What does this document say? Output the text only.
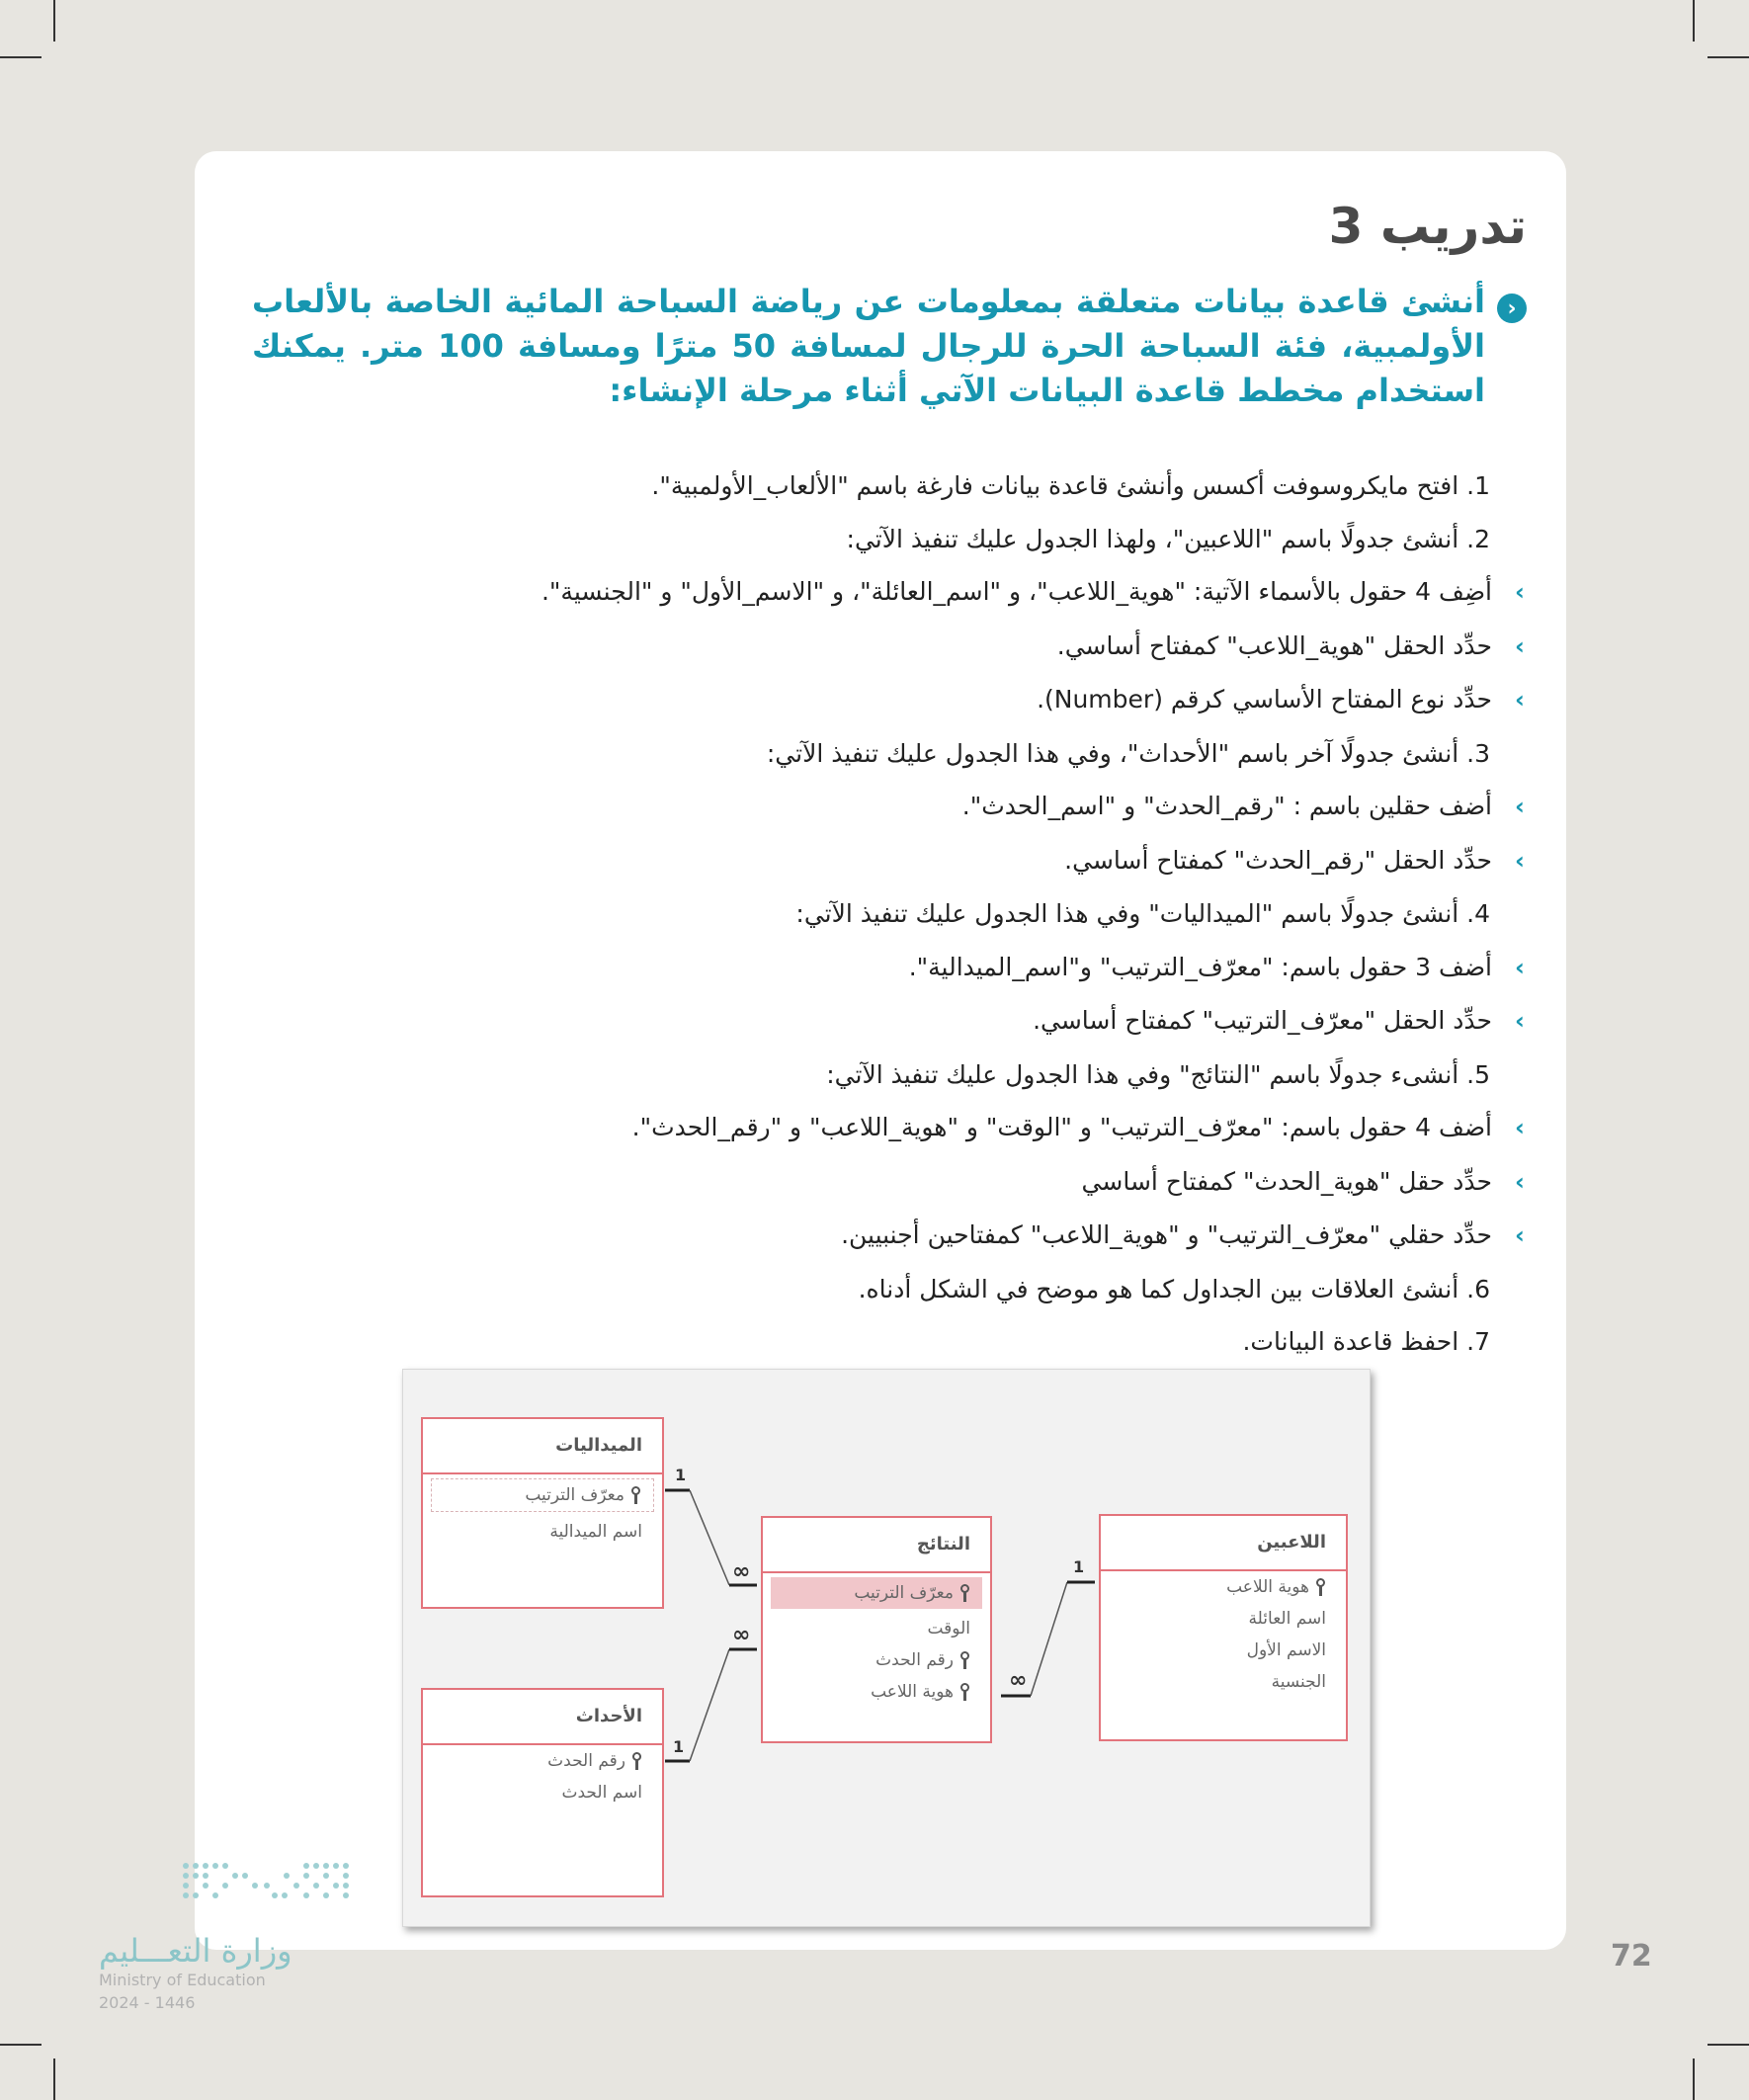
تدريب 3
‹

أنشئ قاعدة بيانات متعلقة بمعلومات عن رياضة السباحة المائية الخاصة بالألعاب الأولمبية، فئة السباحة الحرة للرجال لمسافة 50 مترًا ومسافة 100 متر. يمكنك استخدام مخطط قاعدة البيانات الآتي أثناء مرحلة الإنشاء:

1. افتح مايكروسوفت أكسس وأنشئ قاعدة بيانات فارغة باسم "الألعاب_الأولمبية".
2. أنشئ جدولًا باسم "اللاعبين"، ولهذا الجدول عليك تنفيذ الآتي:
›
أضِف 4 حقول بالأسماء الآتية: "هوية_اللاعب"، و "اسم_العائلة"، و "الاسم_الأول" و "الجنسية".
›
حدِّد الحقل "هوية_اللاعب" كمفتاح أساسي.
›
حدِّد نوع المفتاح الأساسي كرقم (Number).
3. أنشئ جدولًا آخر باسم "الأحداث"، وفي هذا الجدول عليك تنفيذ الآتي:
›
أضف حقلين باسم : "رقم_الحدث" و "اسم_الحدث".
›
حدِّد الحقل "رقم_الحدث" كمفتاح أساسي.
4. أنشئ جدولًا باسم "الميداليات" وفي هذا الجدول عليك تنفيذ الآتي:
›
أضف 3 حقول باسم: "معرّف_الترتيب" و"اسم_الميدالية".
›
حدِّد الحقل "معرّف_الترتيب" كمفتاح أساسي.
5. أنشىء جدولًا باسم "النتائج" وفي هذا الجدول عليك تنفيذ الآتي:
›
أضف 4 حقول باسم: "معرّف_الترتيب" و "الوقت" و "هوية_اللاعب" و "رقم_الحدث".
›
حدِّد حقل "هوية_الحدث" كمفتاح أساسي
›
حدِّد حقلي "معرّف_الترتيب" و "هوية_اللاعب" كمفتاحين أجنبيين.
6. أنشئ العلاقات بين الجداول كما هو موضح في الشكل أدناه.
7. احفظ قاعدة البيانات.
1
∞
1
∞
1
∞
الميداليات
معرّف الترتيب
اسم الميدالية
الأحداث
رقم الحدث
اسم الحدث
النتائج
معرّف الترتيب
الوقت
رقم الحدث
هوية اللاعب
اللاعبين
هوية اللاعب
اسم العائلة
الاسم الأول
الجنسية
وزارة التعـــليم
Ministry of Education
2024 - 1446
72
